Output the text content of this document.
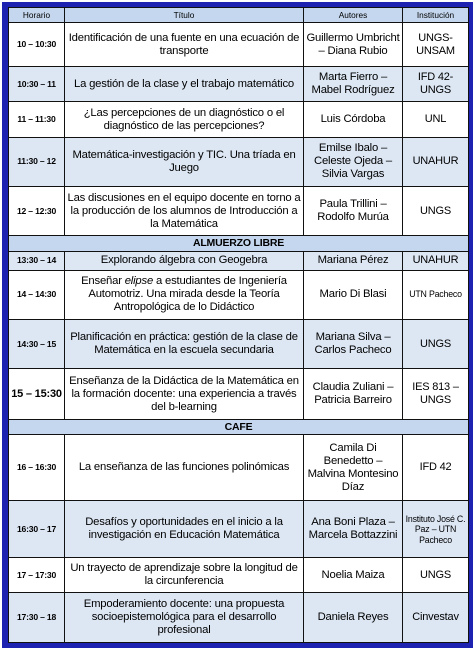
Horario	Título	Autores	Institución
10 – 10:30	Identificación de una fuente en una ecuación de transporte	Guillermo Umbricht – Diana Rubio	UNGS-UNSAM
10:30 – 11	La gestión de la clase y el trabajo matemático	Marta Fierro – Mabel Rodríguez	IFD 42-UNGS
11 – 11:30	¿Las percepciones de un diagnóstico o el diagnóstico de las percepciones?	Luis Córdoba	UNL
11:30 – 12	Matemática-investigación y TIC. Una tríada en Juego	Emilse Ibalo – Celeste Ojeda – Silvia Vargas	UNAHUR
12 – 12:30	Las discusiones en el equipo docente en torno a la producción de los alumnos de Introducción a la Matemática	Paula Trillini – Rodolfo Murúa	UNGS
ALMUERZO LIBRE			
13:30 – 14	Explorando álgebra con Geogebra	Mariana Pérez	UNAHUR
14 – 14:30	Enseñar elipse a estudiantes de Ingeniería Automotriz. Una mirada desde la Teoría Antropológica de lo Didáctico	Mario Di Blasi	UTN Pacheco
14:30 – 15	Planificación en práctica: gestión de la clase de Matemática en la escuela secundaria	Mariana Silva – Carlos Pacheco	UNGS
15 – 15:30	Enseñanza de la Didáctica de la Matemática en la formación docente: una experiencia a través del b-learning	Claudia Zuliani – Patricia Barreiro	IES 813 – UNGS
CAFE			
16 – 16:30	La enseñanza de las funciones polinómicas	Camila Di Benedetto – Malvina Montesino Díaz	IFD 42
16:30 – 17	Desafíos y oportunidades en el inicio a la investigación en Educación Matemática	Ana Boni Plaza – Marcela Bottazzini	Instituto José C. Paz – UTN Pacheco
17 – 17:30	Un trayecto de aprendizaje sobre la longitud de la circunferencia	Noelia Maiza	UNGS
17:30 – 18	Empoderamiento docente: una propuesta socioepistemológica para el desarrollo profesional	Daniela Reyes	Cinvestav
